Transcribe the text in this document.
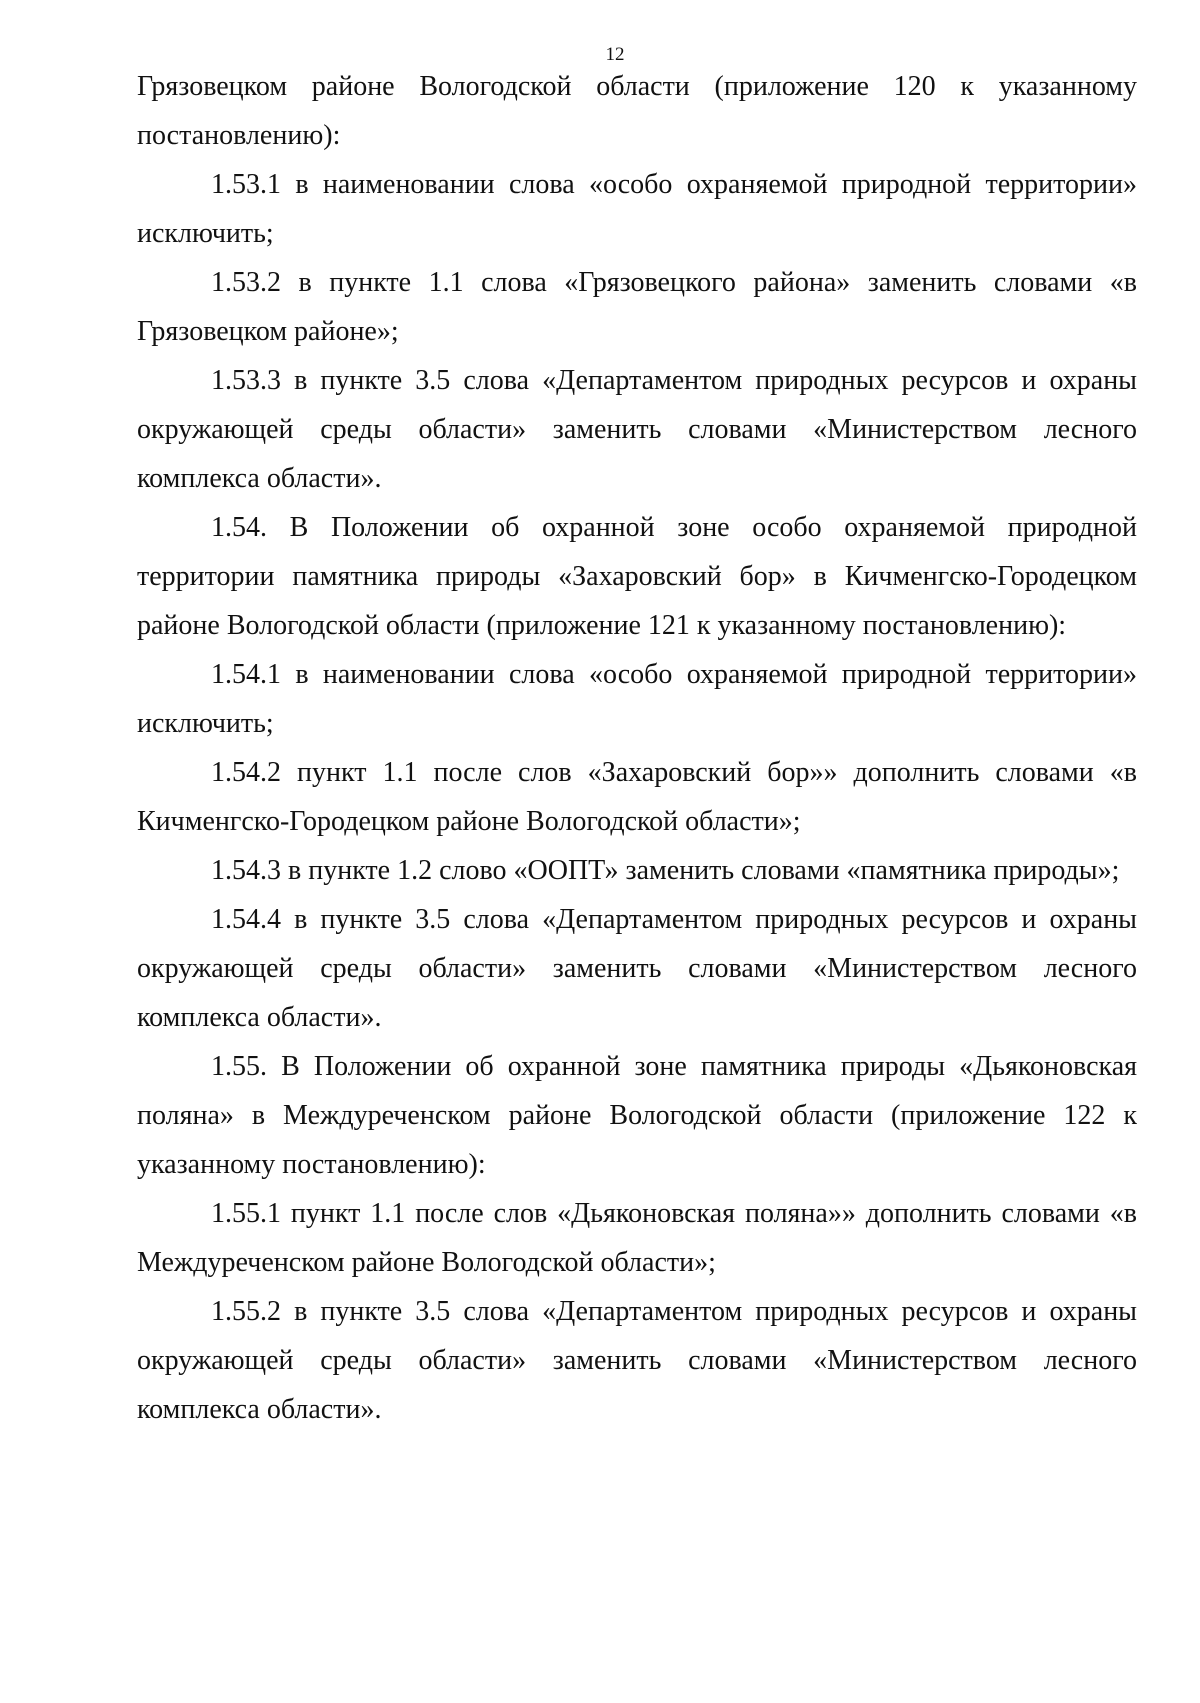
12

Грязовецком районе Вологодской области (приложение 120 к указанному постановлению):

1.53.1 в наименовании слова «особо охраняемой природной территории» исключить;

1.53.2 в пункте 1.1 слова «Грязовецкого района» заменить словами «в Грязовецком районе»;

1.53.3 в пункте 3.5 слова «Департаментом природных ресурсов и охраны окружающей среды области» заменить словами «Министерством лесного комплекса области».

1.54. В Положении об охранной зоне особо охраняемой природной территории памятника природы «Захаровский бор» в Кичменгско-Городецком районе Вологодской области (приложение 121 к указанному постановлению):

1.54.1 в наименовании слова «особо охраняемой природной территории» исключить;

1.54.2 пункт 1.1 после слов «Захаровский бор»» дополнить словами «в Кичменгско-Городецком районе Вологодской области»;

1.54.3 в пункте 1.2 слово «ООПТ» заменить словами «памятника природы»;

1.54.4 в пункте 3.5 слова «Департаментом природных ресурсов и охраны окружающей среды области» заменить словами «Министерством лесного комплекса области».

1.55. В Положении об охранной зоне памятника природы «Дьяконовская поляна» в Междуреченском районе Вологодской области (приложение 122 к указанному постановлению):

1.55.1 пункт 1.1 после слов «Дьяконовская поляна»» дополнить словами «в Междуреченском районе Вологодской области»;

1.55.2 в пункте 3.5 слова «Департаментом природных ресурсов и охраны окружающей среды области» заменить словами «Министерством лесного комплекса области».
